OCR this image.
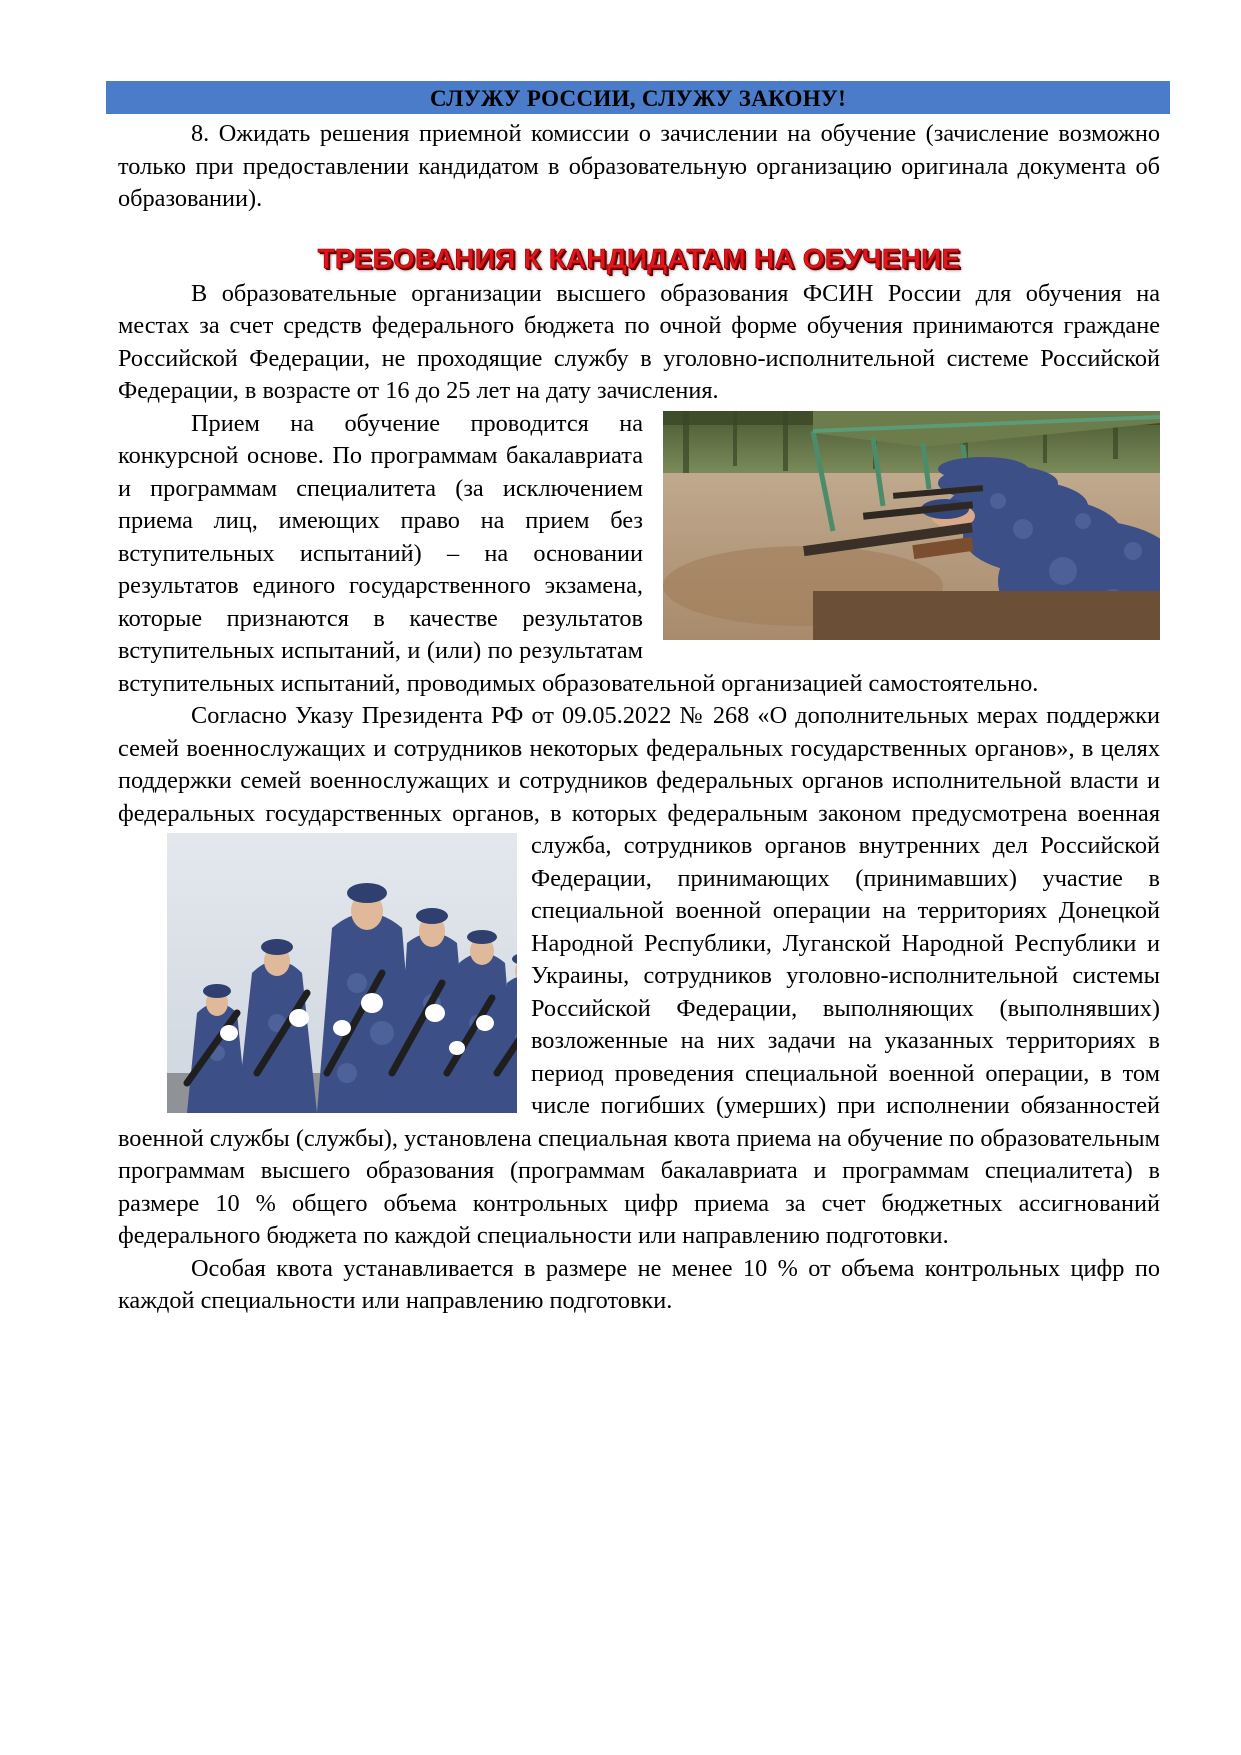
СЛУЖУ РОССИИ, СЛУЖУ ЗАКОНУ!

8. Ожидать решения приемной комиссии о зачислении на обучение (зачисление возможно только при предоставлении кандидатом в образовательную организацию оригинала документа об образовании).

ТРЕБОВАНИЯ К КАНДИДАТАМ НА ОБУЧЕНИЕ

В образовательные организации высшего образования ФСИН России для обучения на местах за счет средств федерального бюджета по очной форме обучения принимаются граждане Российской Федерации, не проходящие службу в уголовно-исполнительной системе Российской Федерации, в возрасте от 16 до 25 лет на дату зачисления.

Прием на обучение проводится на конкурсной основе. По программам бакалавриата и программам специалитета (за исключением приема лиц, имеющих право на прием без вступительных испытаний) – на основании результатов единого государственного экзамена, которые признаются в качестве результатов вступительных испытаний, и (или) по результатам вступительных испытаний, проводимых образовательной организацией самостоятельно.

Согласно Указу Президента РФ от 09.05.2022 № 268 «О дополнительных мерах поддержки семей военнослужащих и сотрудников некоторых федеральных государственных органов», в целях поддержки семей военнослужащих и сотрудников федеральных органов исполнительной власти и федеральных государственных органов, в которых федеральным законом предусмотрена военная
служба, сотрудников органов внутренних дел Российской Федерации, принимающих (принимавших) участие в специальной военной операции на территориях Донецкой Народной Республики, Луганской Народной Республики и Украины, сотрудников уголовно-исполнительной системы Российской Федерации, выполняющих (выполнявших) возложенные на них задачи на указанных территориях в период проведения специальной военной операции, в том числе погибших (умерших) при исполнении обязанностей военной службы (службы), установлена специальная квота приема на обучение по образовательным программам высшего образования (программам бакалавриата и программам специалитета) в размере 10 % общего объема контрольных цифр приема за счет бюджетных ассигнований федерального бюджета по каждой специальности или направлению подготовки.

Особая квота устанавливается в размере не менее 10 % от объема контрольных цифр по каждой специальности или направлению подготовки.
